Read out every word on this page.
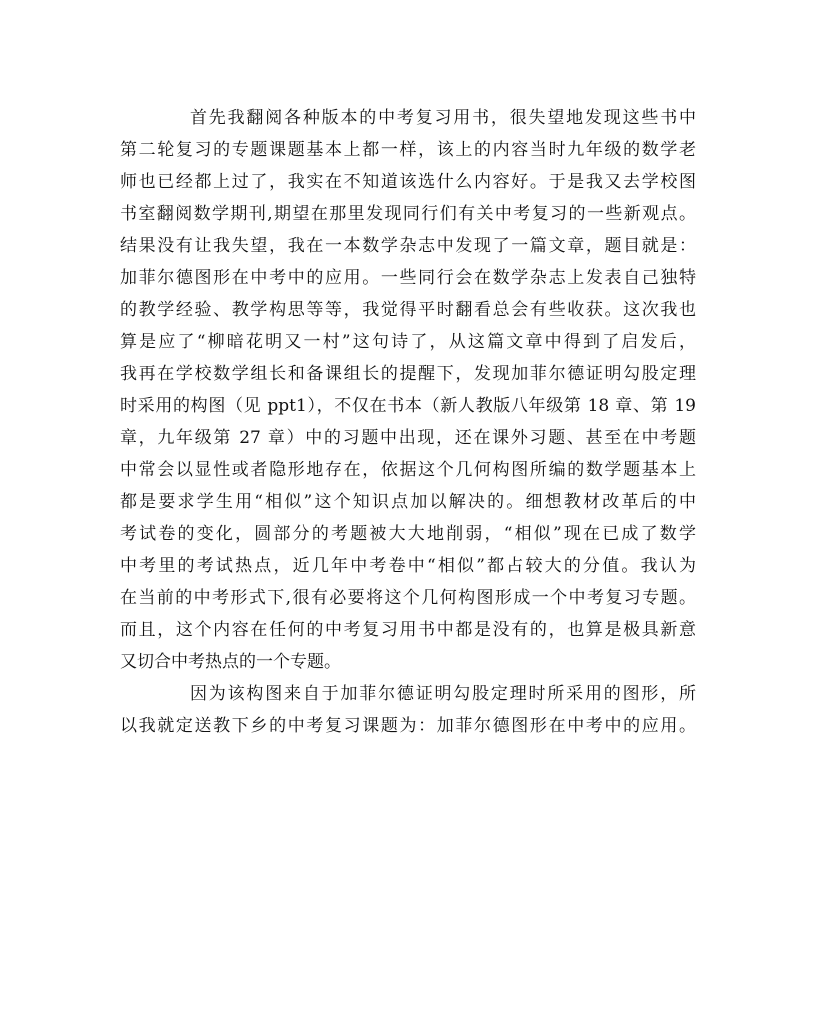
首先我翻阅各种版本的中考复习用书，很失望地发现这些书中
第二轮复习的专题课题基本上都一样，该上的内容当时九年级的数学老
师也已经都上过了，我实在不知道该选什么内容好。于是我又去学校图
书室翻阅数学期刊,期望在那里发现同行们有关中考复习的一些新观点。
结果没有让我失望，我在一本数学杂志中发现了一篇文章，题目就是：
加菲尔德图形在中考中的应用。一些同行会在数学杂志上发表自己独特
的教学经验、教学构思等等，我觉得平时翻看总会有些收获。这次我也
算是应了“柳暗花明又一村”这句诗了，从这篇文章中得到了启发后，
我再在学校数学组长和备课组长的提醒下，发现加菲尔德证明勾股定理
时采用的构图（见 ppt1），不仅在书本（新人教版八年级第 18 章、第 19
章，九年级第 27 章）中的习题中出现，还在课外习题、甚至在中考题
中常会以显性或者隐形地存在，依据这个几何构图所编的数学题基本上
都是要求学生用“相似”这个知识点加以解决的。细想教材改革后的中
考试卷的变化，圆部分的考题被大大地削弱，“相似”现在已成了数学
中考里的考试热点，近几年中考卷中“相似”都占较大的分值。我认为
在当前的中考形式下,很有必要将这个几何构图形成一个中考复习专题。
而且，这个内容在任何的中考复习用书中都是没有的，也算是极具新意
又切合中考热点的一个专题。
因为该构图来自于加菲尔德证明勾股定理时所采用的图形，所
以我就定送教下乡的中考复习课题为：加菲尔德图形在中考中的应用。
